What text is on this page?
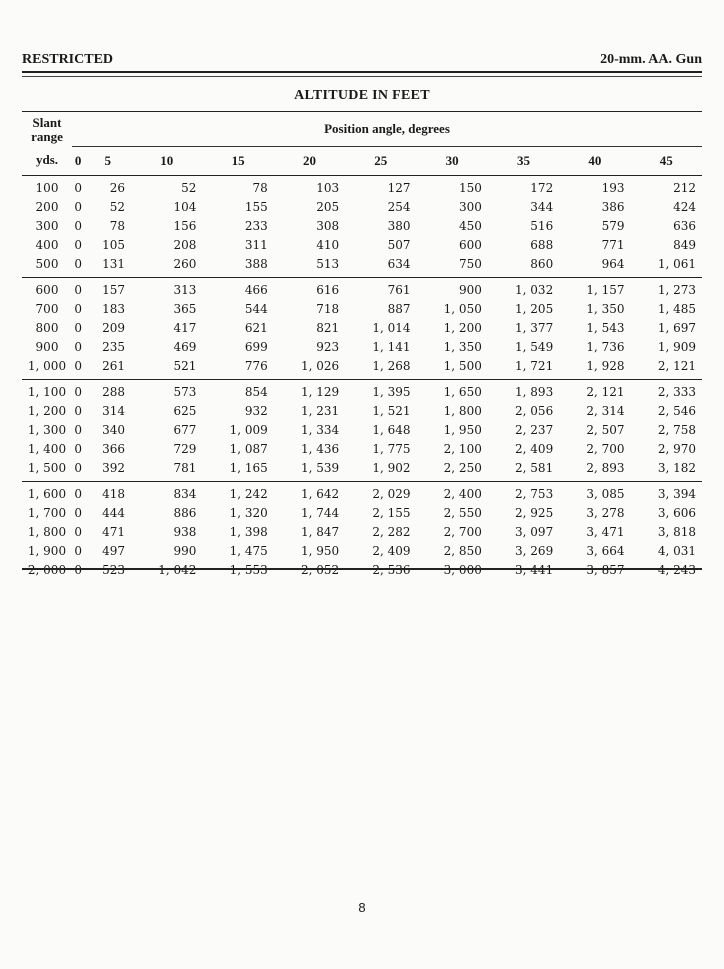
RESTRICTED	20-mm. AA. Gun
ALTITUDE IN FEET
Slant
range	Position angle, degrees									
yds.	0	5	10	15	20	25	30	35	40	45
100	0	26	52	78	103	127	150	172	193	212
200	0	52	104	155	205	254	300	344	386	424
300	0	78	156	233	308	380	450	516	579	636
400	0	105	208	311	410	507	600	688	771	849
500	0	131	260	388	513	634	750	860	964	1, 061
600	0	157	313	466	616	761	900	1, 032	1, 157	1, 273
700	0	183	365	544	718	887	1, 050	1, 205	1, 350	1, 485
800	0	209	417	621	821	1, 014	1, 200	1, 377	1, 543	1, 697
900	0	235	469	699	923	1, 141	1, 350	1, 549	1, 736	1, 909
1, 000	0	261	521	776	1, 026	1, 268	1, 500	1, 721	1, 928	2, 121
1, 100	0	288	573	854	1, 129	1, 395	1, 650	1, 893	2, 121	2, 333
1, 200	0	314	625	932	1, 231	1, 521	1, 800	2, 056	2, 314	2, 546
1, 300	0	340	677	1, 009	1, 334	1, 648	1, 950	2, 237	2, 507	2, 758
1, 400	0	366	729	1, 087	1, 436	1, 775	2, 100	2, 409	2, 700	2, 970
1, 500	0	392	781	1, 165	1, 539	1, 902	2, 250	2, 581	2, 893	3, 182
1, 600	0	418	834	1, 242	1, 642	2, 029	2, 400	2, 753	3, 085	3, 394
1, 700	0	444	886	1, 320	1, 744	2, 155	2, 550	2, 925	3, 278	3, 606
1, 800	0	471	938	1, 398	1, 847	2, 282	2, 700	3, 097	3, 471	3, 818
1, 900	0	497	990	1, 475	1, 950	2, 409	2, 850	3, 269	3, 664	4, 031
2, 000	0	523	1, 042	1, 553	2, 052	2, 536	3, 000	3, 441	3, 857	4, 243
8
